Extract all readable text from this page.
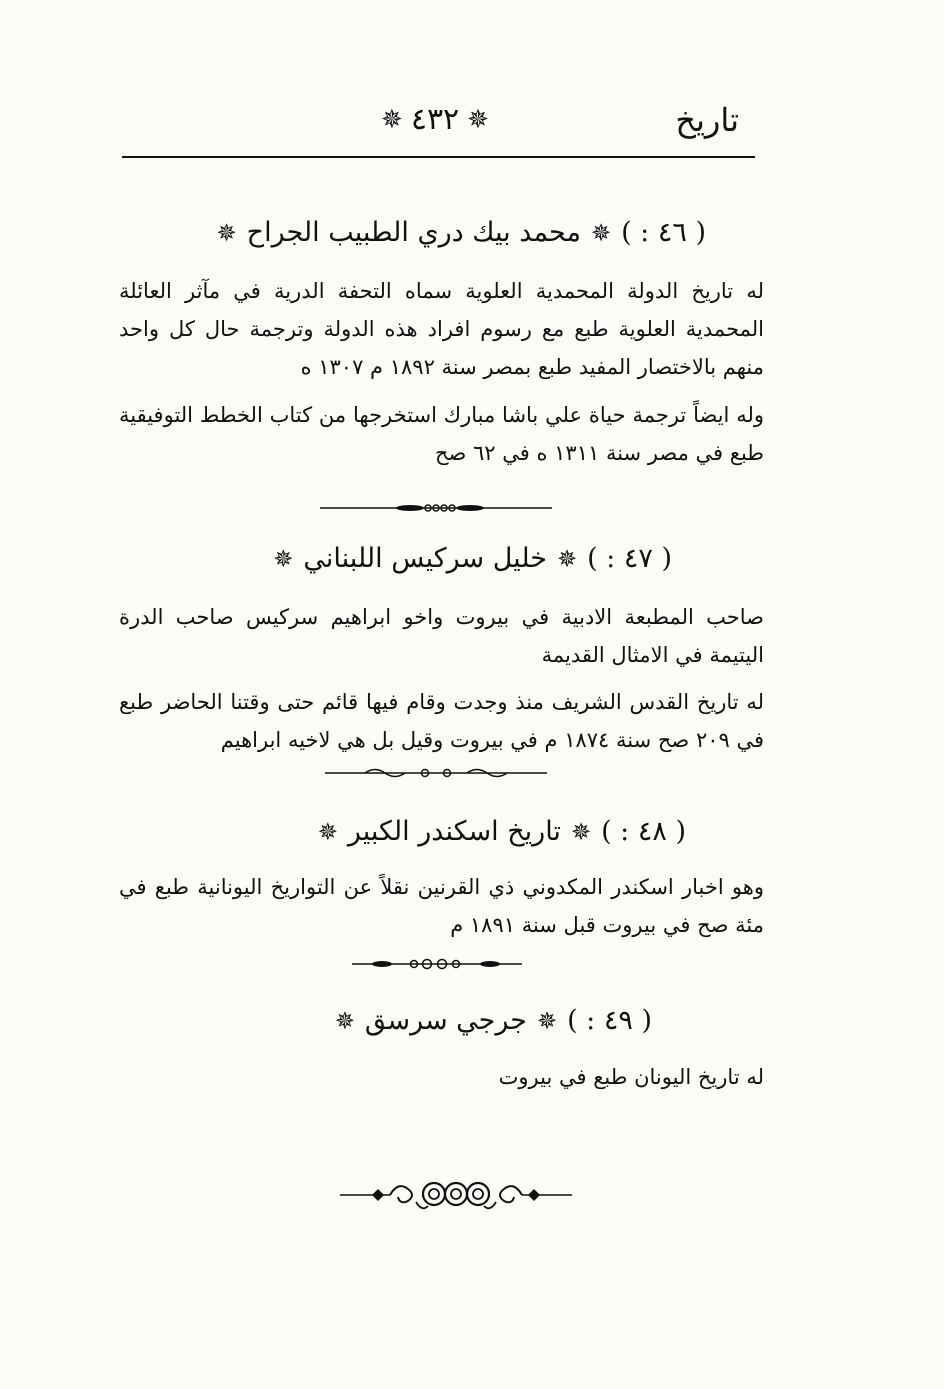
تاريخ
✵
٤٣٢
✵
( ٤٦ : )
✵
محمد بيك دري الطبيب الجراح
✵
له تاريخ الدولة المحمدية العلوية سماه التحفة الدرية في مآثر العائلة المحمدية العلوية طبع مع رسوم افراد هذه الدولة وترجمة حال كل واحد منهم بالاختصار المفيد طبع بمصر سنة ١٨٩٢ م ١٣٠٧ ه
وله ايضاً ترجمة حياة علي باشا مبارك استخرجها من كتاب الخطط التوفيقية طبع في مصر سنة ١٣١١ ه في ٦٢ صح
( ٤٧ : )
✵
خليل سركيس اللبناني
✵
صاحب المطبعة الادبية في بيروت واخو ابراهيم سركيس صاحب الدرة اليتيمة في الامثال القديمة
له تاريخ القدس الشريف منذ وجدت وقام فيها قائم حتى وقتنا الحاضر طبع في ٢٠٩ صح سنة ١٨٧٤ م في بيروت وقيل بل هي لاخيه ابراهيم
( ٤٨ : )
✵
تاريخ اسكندر الكبير
✵
وهو اخبار اسكندر المكدوني ذي القرنين نقلاً عن التواريخ اليونانية طبع في مئة صح في بيروت قبل سنة ١٨٩١ م
( ٤٩ : )
✵
جرجي سرسق
✵
له تاريخ اليونان طبع في بيروت
